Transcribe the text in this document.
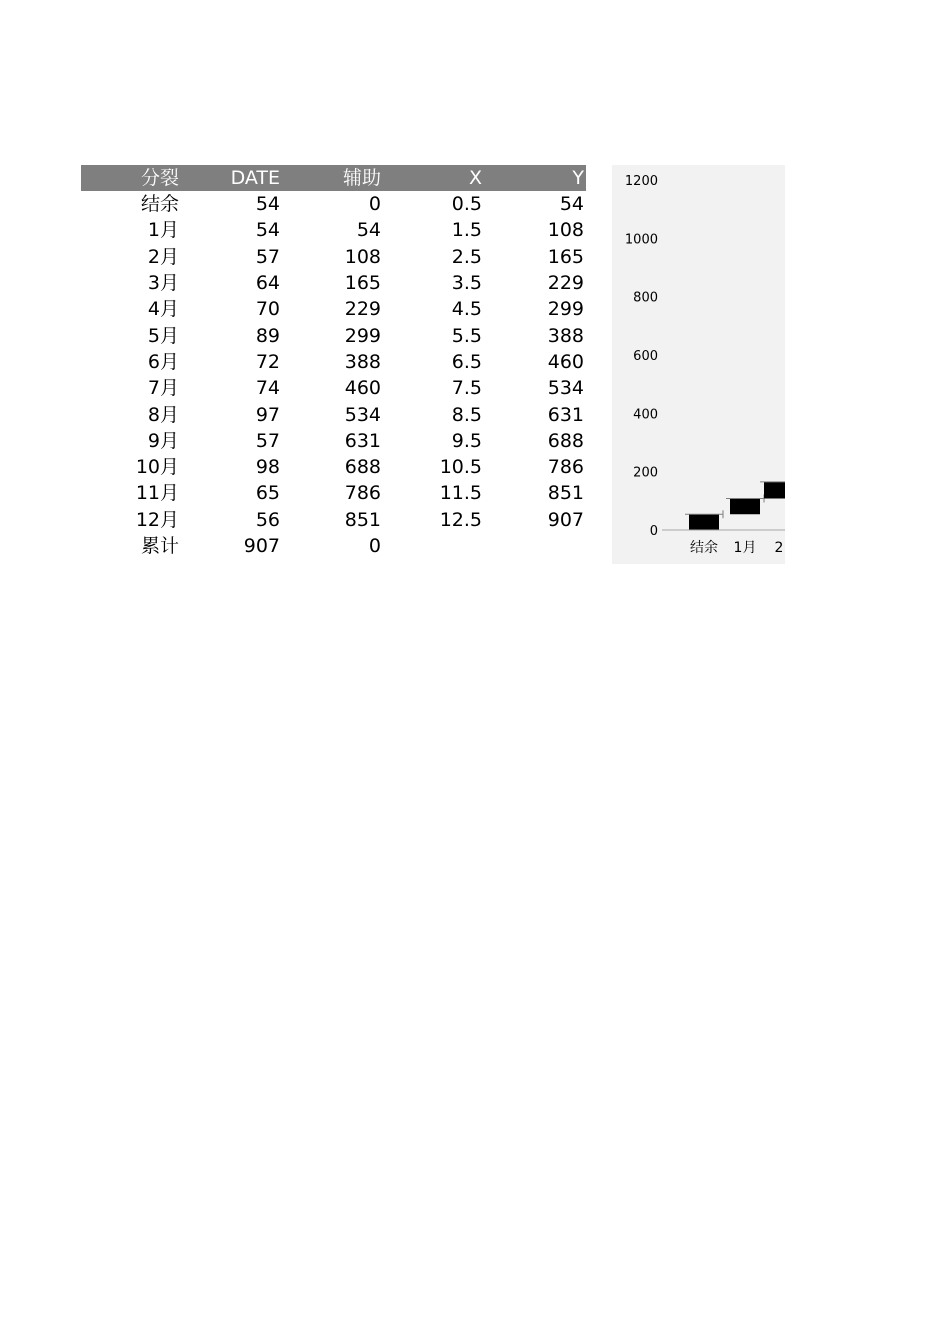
分裂	DATE	辅助	X	Y
结余	54	0	0.5	54
1月	54	54	1.5	108
2月	57	108	2.5	165
3月	64	165	3.5	229
4月	70	229	4.5	299
5月	89	299	5.5	388
6月	72	388	6.5	460
7月	74	460	7.5	534
8月	97	534	8.5	631
9月	57	631	9.5	688
10月	98	688	10.5	786
11月	65	786	11.5	851
12月	56	851	12.5	907
累计	907	0		
0
200
400
600
800
1000
1200
结余 1月 2
